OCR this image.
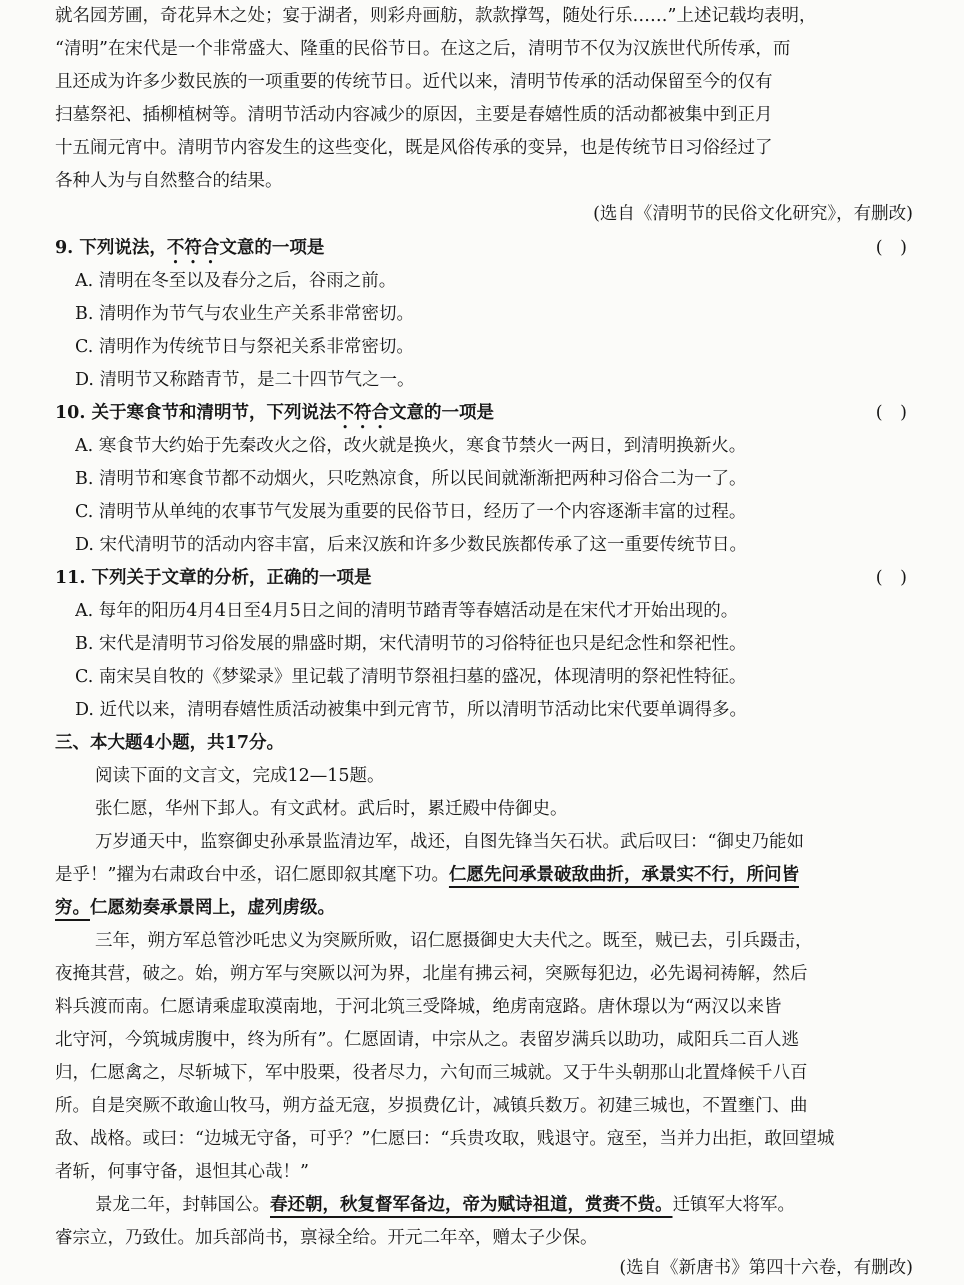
就名园芳圃，奇花异木之处；宴于湖者，则彩舟画舫，款款撑驾，随处行乐……”上述记载均表明，
“清明”在宋代是一个非常盛大、隆重的民俗节日。在这之后，清明节不仅为汉族世代所传承，而
且还成为许多少数民族的一项重要的传统节日。近代以来，清明节传承的活动保留至今的仅有
扫墓祭祀、插柳植树等。清明节活动内容减少的原因，主要是春嬉性质的活动都被集中到正月
十五闹元宵中。清明节内容发生的这些变化，既是风俗传承的变异，也是传统节日习俗经过了
各种人为与自然整合的结果。
(选自《清明节的民俗文化研究》，有删改)
9. 下列说法，不符合文意的一项是	( )
A. 清明在冬至以及春分之后，谷雨之前。
B. 清明作为节气与农业生产关系非常密切。
C. 清明作为传统节日与祭祀关系非常密切。
D. 清明节又称踏青节，是二十四节气之一。
10. 关于寒食节和清明节，下列说法不符合文意的一项是	( )
A. 寒食节大约始于先秦改火之俗，改火就是换火，寒食节禁火一两日，到清明换新火。
B. 清明节和寒食节都不动烟火，只吃熟凉食，所以民间就渐渐把两种习俗合二为一了。
C. 清明节从单纯的农事节气发展为重要的民俗节日，经历了一个内容逐渐丰富的过程。
D. 宋代清明节的活动内容丰富，后来汉族和许多少数民族都传承了这一重要传统节日。
11. 下列关于文章的分析，正确的一项是	( )
A. 每年的阳历4月4日至4月5日之间的清明节踏青等春嬉活动是在宋代才开始出现的。
B. 宋代是清明节习俗发展的鼎盛时期，宋代清明节的习俗特征也只是纪念性和祭祀性。
C. 南宋吴自牧的《梦粱录》里记载了清明节祭祖扫墓的盛况，体现清明的祭祀性特征。
D. 近代以来，清明春嬉性质活动被集中到元宵节，所以清明节活动比宋代要单调得多。
三、本大题4小题，共17分。
阅读下面的文言文，完成12—15题。
张仁愿，华州下邽人。有文武材。武后时，累迁殿中侍御史。
万岁通天中，监察御史孙承景监清边军，战还，自图先锋当矢石状。武后叹曰：“御史乃能如
是乎！”擢为右肃政台中丞，诏仁愿即叙其麾下功。仁愿先问承景破敌曲折，承景实不行，所问皆
穷。仁愿劾奏承景罔上，虚列虏级。
三年，朔方军总管沙吒忠义为突厥所败，诏仁愿摄御史大夫代之。既至，贼已去，引兵蹑击，
夜掩其营，破之。始，朔方军与突厥以河为界，北崖有拂云祠，突厥每犯边，必先谒祠祷解，然后
料兵渡而南。仁愿请乘虚取漠南地，于河北筑三受降城，绝虏南寇路。唐休璟以为“两汉以来皆
北守河，今筑城虏腹中，终为所有”。仁愿固请，中宗从之。表留岁满兵以助功，咸阳兵二百人逃
归，仁愿禽之，尽斩城下，军中股栗，役者尽力，六旬而三城就。又于牛头朝那山北置烽候千八百
所。自是突厥不敢逾山牧马，朔方益无寇，岁损费亿计，减镇兵数万。初建三城也，不置壅门、曲
敌、战格。或曰：“边城无守备，可乎？”仁愿曰：“兵贵攻取，贱退守。寇至，当并力出拒，敢回望城
者斩，何事守备，退怛其心哉！”
景龙二年，封韩国公。春还朝，秋复督军备边，帝为赋诗祖道，赏赉不赀。迁镇军大将军。
睿宗立，乃致仕。加兵部尚书，禀禄全给。开元二年卒，赠太子少保。
(选自《新唐书》第四十六卷，有删改)
